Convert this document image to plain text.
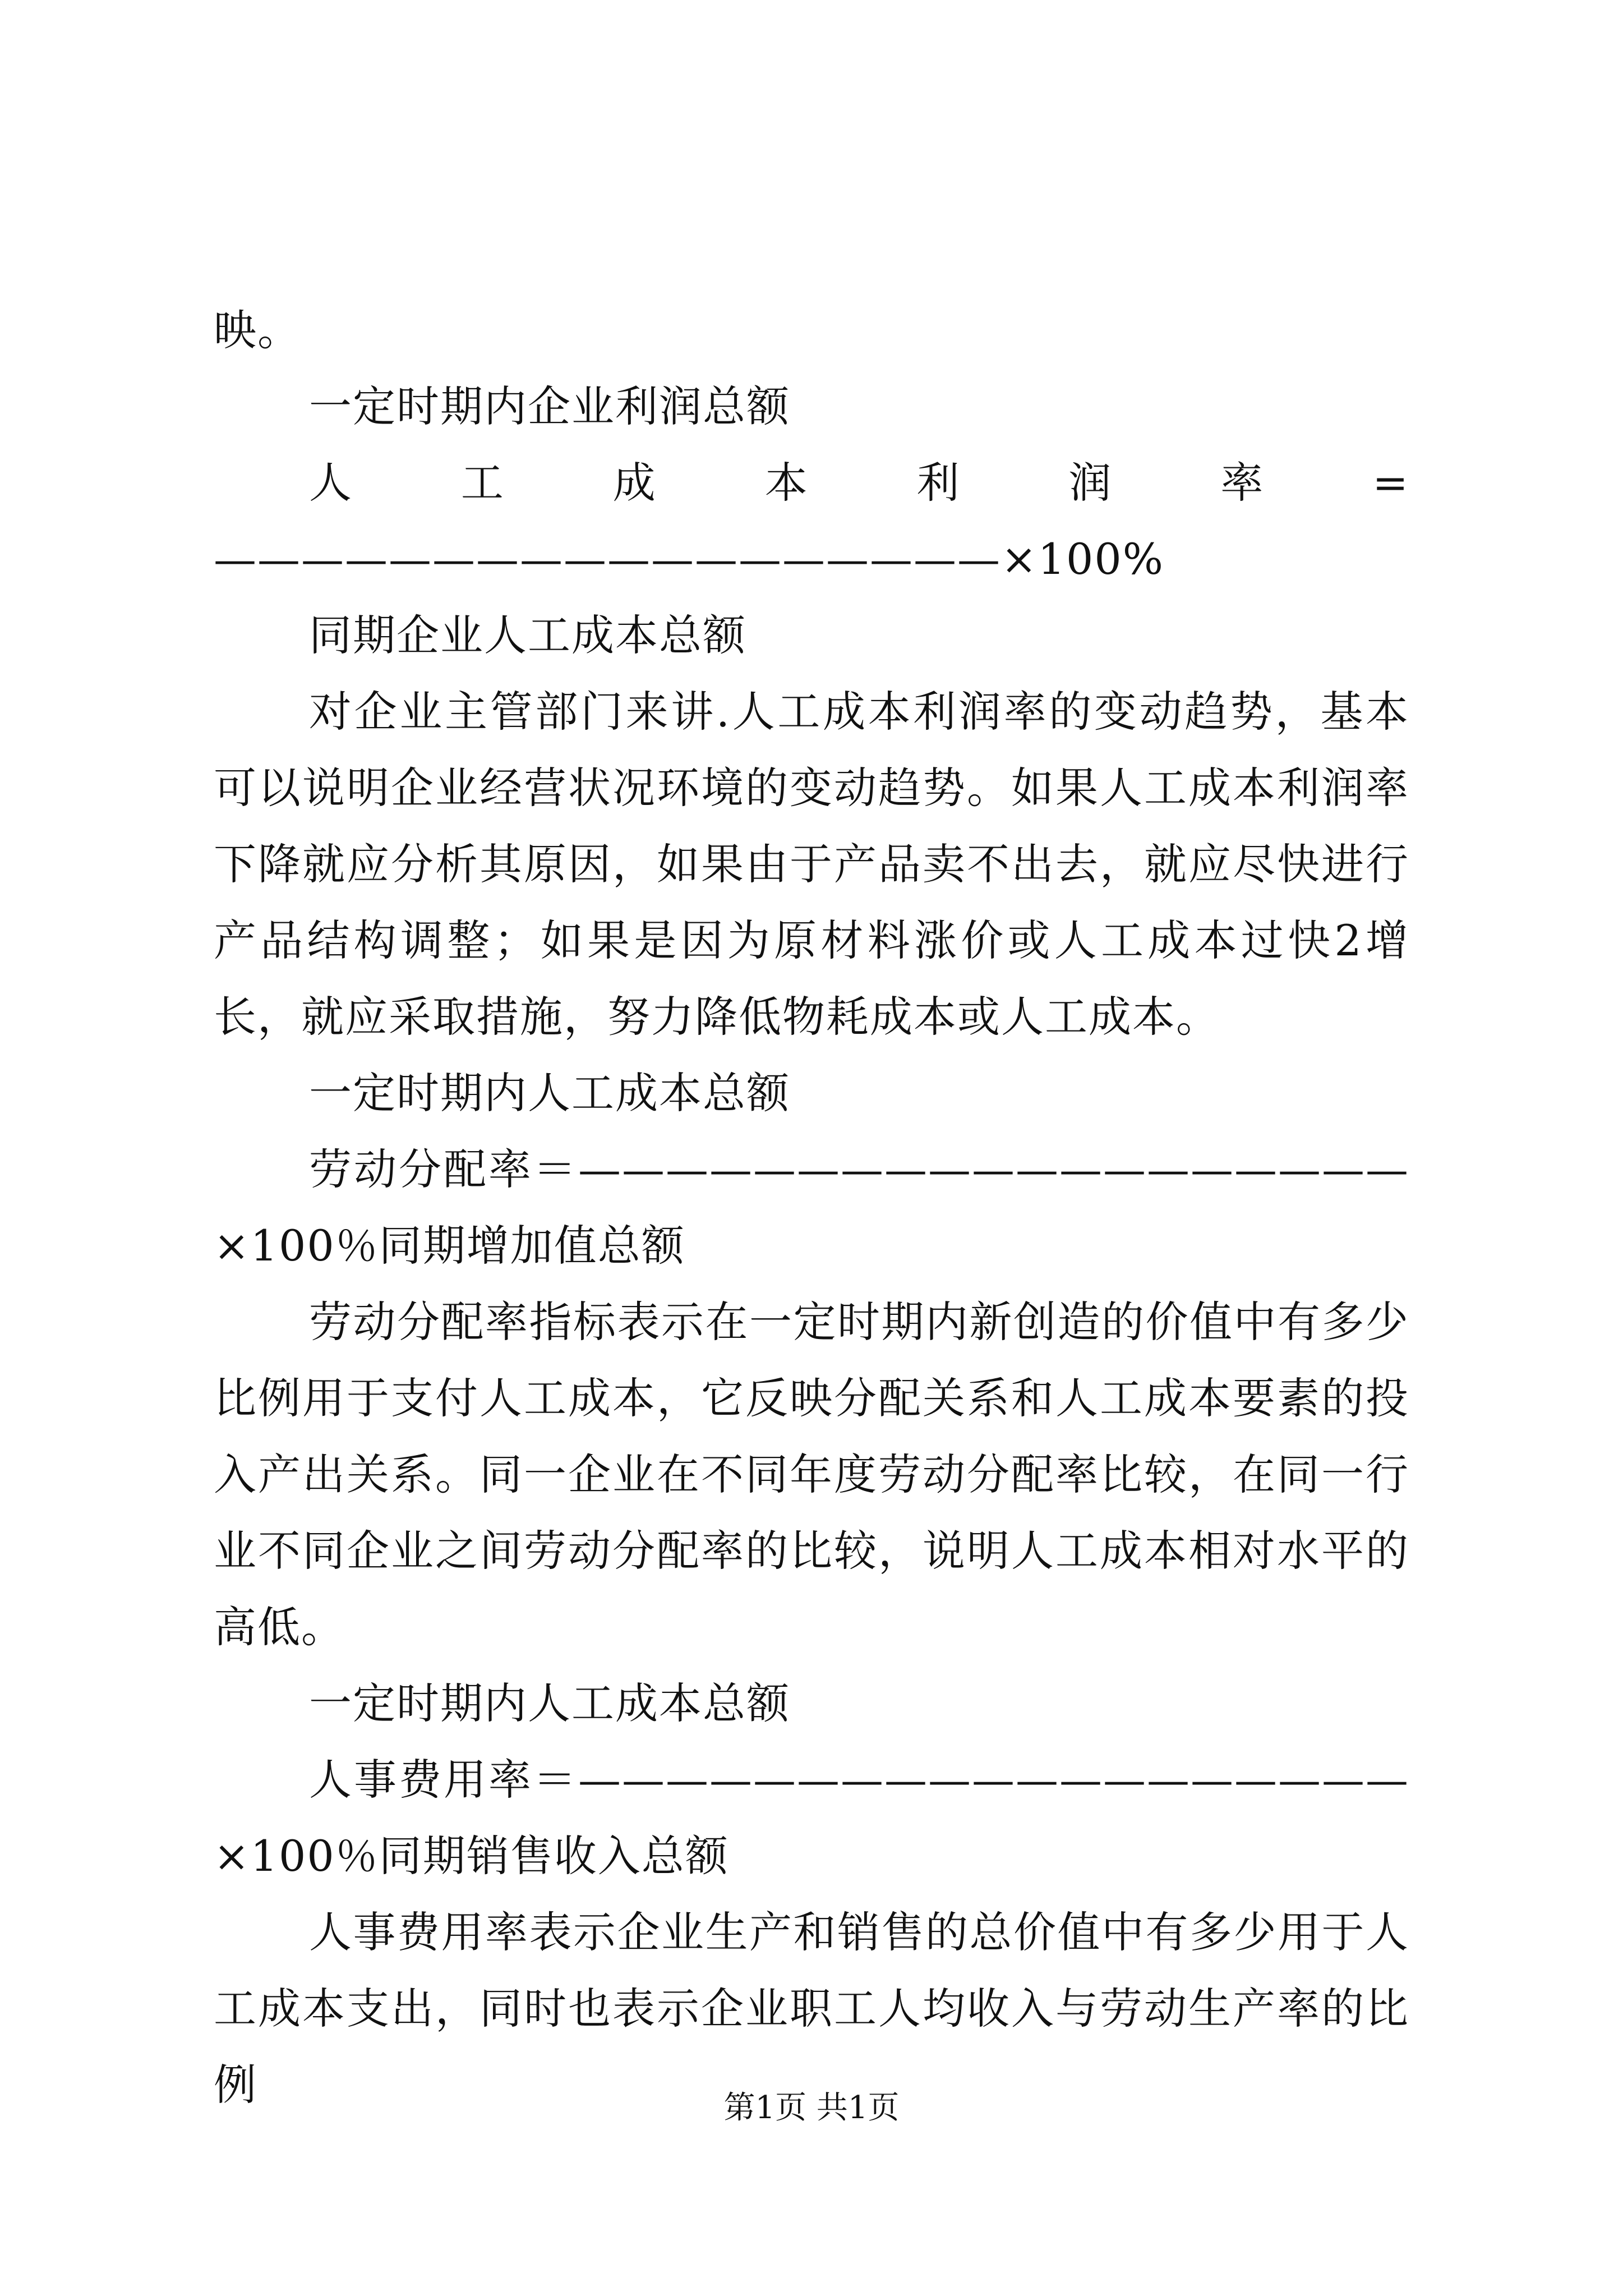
映。

一定时期内企业利润总额

人工成本利润率=——————————————————×100%

同期企业人工成本总额

对企业主管部门来讲.人工成本利润率的变动趋势，基本可以说明企业经营状况环境的变动趋势。如果人工成本利润率下降就应分析其原因，如果由于产品卖不出去，就应尽快进行产品结构调整；如果是因为原材料涨价或人工成本过快2增长，就应采取措施，努力降低物耗成本或人工成本。

一定时期内人工成本总额

劳动分配率＝———————————————————×100％同期增加值总额

劳动分配率指标表示在一定时期内新创造的价值中有多少比例用于支付人工成本，它反映分配关系和人工成本要素的投入产出关系。同一企业在不同年度劳动分配率比较，在同一行业不同企业之间劳动分配率的比较，说明人工成本相对水平的高低。

一定时期内人工成本总额

人事费用率＝———————————————————×100％同期销售收入总额

人事费用率表示企业生产和销售的总价值中有多少用于人工成本支出，同时也表示企业职工人均收入与劳动生产率的比例	第1页 共1页
